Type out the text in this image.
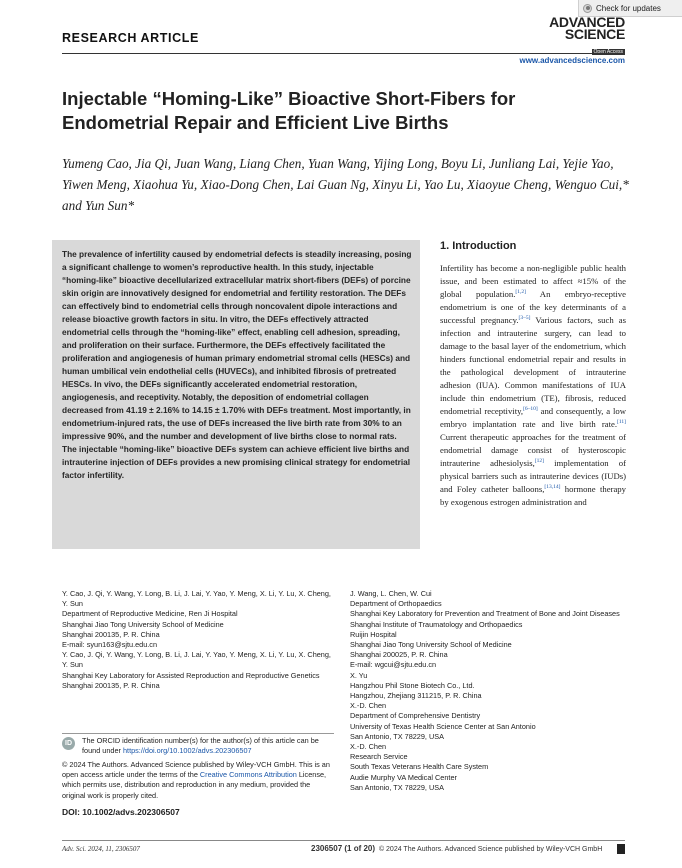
Check for updates
RESEARCH ARTICLE
ADVANCED
SCIENCE
Open Access
www.advancedscience.com
Injectable “Homing-Like” Bioactive Short-Fibers for Endometrial Repair and Efficient Live Births
Yumeng Cao, Jia Qi, Juan Wang, Liang Chen, Yuan Wang, Yijing Long, Boyu Li, Junliang Lai, Yejie Yao, Yiwen Meng, Xiaohua Yu, Xiao-Dong Chen, Lai Guan Ng, Xinyu Li, Yao Lu, Xiaoyue Cheng, Wenguo Cui,* and Yun Sun*

The prevalence of infertility caused by endometrial defects is steadily increasing, posing a significant challenge to women’s reproductive health. In this study, injectable “homing-like” bioactive decellularized extracellular matrix short-fibers (DEFs) of porcine skin origin are innovatively designed for endometrial and fertility restoration. The DEFs can effectively bind to endometrial cells through noncovalent dipole interactions and release bioactive growth factors in situ. In vitro, the DEFs effectively attracted endometrial cells through the “homing-like” effect, enabling cell adhesion, spreading, and proliferation on their surface. Furthermore, the DEFs effectively facilitated the proliferation and angiogenesis of human primary endometrial stromal cells (HESCs) and human umbilical vein endothelial cells (HUVECs), and inhibited fibrosis of pretreated HESCs. In vivo, the DEFs significantly accelerated endometrial restoration, angiogenesis, and receptivity. Notably, the deposition of endometrial collagen decreased from 41.19 ± 2.16% to 14.15 ± 1.70% with DEFs treatment. Most importantly, in endometrium-injured rats, the use of DEFs increased the live birth rate from 30% to an impressive 90%, and the number and development of live births close to normal rats. The injectable “homing-like” bioactive DEFs system can achieve efficient live births and intrauterine injection of DEFs provides a new promising clinical strategy for endometrial factor infertility.

1. Introduction

Infertility has become a non-negligible public health issue, and been estimated to affect ≈15% of the global population.[1,2] An embryo-receptive endometrium is one of the key determinants of a successful pregnancy.[3–5] Various factors, such as infection and intrauterine surgery, can lead to damage to the basal layer of the endometrium, which hinders functional endometrial repair and results in the pathological development of intrauterine adhesion (IUA). Common manifestations of IUA include thin endometrium (TE), fibrosis, reduced endometrial receptivity,[6–10] and consequently, a low embryo implantation rate and live birth rate.[11] Current therapeutic approaches for the treatment of endometrial damage consist of hysteroscopic intrauterine adhesiolysis,[12] implementation of physical barriers such as intrauterine devices (IUDs) and Foley catheter balloons,[13,14] hormone therapy by exogenous estrogen administration and

Y. Cao, J. Qi, Y. Wang, Y. Long, B. Li, J. Lai, Y. Yao, Y. Meng, X. Li, Y. Lu, X. Cheng, Y. Sun
Department of Reproductive Medicine, Ren Ji Hospital
Shanghai Jiao Tong University School of Medicine
Shanghai 200135, P. R. China
E-mail: syun163@sjtu.edu.cn
Y. Cao, J. Qi, Y. Wang, Y. Long, B. Li, J. Lai, Y. Yao, Y. Meng, X. Li, Y. Lu, X. Cheng, Y. Sun
Shanghai Key Laboratory for Assisted Reproduction and Reproductive Genetics
Shanghai 200135, P. R. China
J. Wang, L. Chen, W. Cui
Department of Orthopaedics
Shanghai Key Laboratory for Prevention and Treatment of Bone and Joint Diseases
Shanghai Institute of Traumatology and Orthopaedics
Ruijin Hospital
Shanghai Jiao Tong University School of Medicine
Shanghai 200025, P. R. China
E-mail: wgcui@sjtu.edu.cn
X. Yu
Hangzhou Phil Stone Biotech Co., Ltd.
Hangzhou, Zhejiang 311215, P. R. China
X.-D. Chen
Department of Comprehensive Dentistry
University of Texas Health Science Center at San Antonio
San Antonio, TX 78229, USA
X.-D. Chen
Research Service
South Texas Veterans Health Care System
Audie Murphy VA Medical Center
San Antonio, TX 78229, USA
ID	The ORCID identification number(s) for the author(s) of this article can be found under https://doi.org/10.1002/advs.202306507
© 2024 The Authors. Advanced Science published by Wiley-VCH GmbH. This is an open access article under the terms of the Creative Commons Attribution License, which permits use, distribution and reproduction in any medium, provided the original work is properly cited.
DOI: 10.1002/advs.202306507
Adv. Sci. 2024, 11, 2306507	2306507 (1 of 20) © 2024 The Authors. Advanced Science published by Wiley-VCH GmbH
